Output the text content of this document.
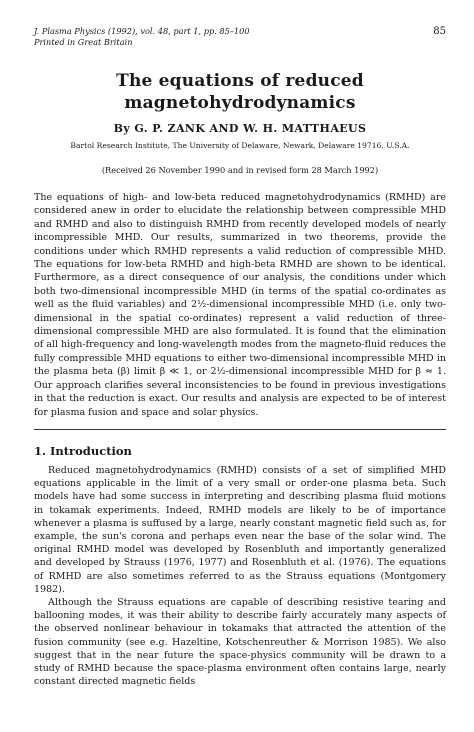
J. Plasma Physics (1992), vol. 48, part 1, pp. 85–100	85
Printed in Great Britain
The equations of reduced
magnetohydrodynamics
By G. P. ZANK AND W. H. MATTHAEUS
Bartol Research Institute, The University of Delaware, Newark, Delaware 19716, U.S.A.
(Received 26 November 1990 and in revised form 28 March 1992)
The equations of high- and low-beta reduced magnetohydrodynamics (RMHD) are considered anew in order to elucidate the relationship between compressible MHD and RMHD and also to distinguish RMHD from recently developed models of nearly incompressible MHD. Our results, summarized in two theorems, provide the conditions under which RMHD represents a valid reduction of compressible MHD. The equations for low-beta RMHD and high-beta RMHD are shown to be identical. Furthermore, as a direct consequence of our analysis, the conditions under which both two-dimensional incompressible MHD (in terms of the spatial co-ordinates as well as the fluid variables) and 2½-dimensional incompressible MHD (i.e. only two-dimensional in the spatial co-ordinates) represent a valid reduction of three-dimensional compressible MHD are also formulated. It is found that the elimination of all high-frequency and long-wavelength modes from the magneto-fluid reduces the fully compressible MHD equations to either two-dimensional incompressible MHD in the plasma beta (β) limit β ≪ 1, or 2½-dimensional incompressible MHD for β ≈ 1. Our approach clarifies several inconsistencies to be found in previous investigations in that the reduction is exact. Our results and analysis are expected to be of interest for plasma fusion and space and solar physics.
1. Introduction

Reduced magnetohydrodynamics (RMHD) consists of a set of simplified MHD equations applicable in the limit of a very small or order-one plasma beta. Such models have had some success in interpreting and describing plasma fluid motions in tokamak experiments. Indeed, RMHD models are likely to be of importance whenever a plasma is suffused by a large, nearly constant magnetic field such as, for example, the sun's corona and perhaps even near the base of the solar wind. The original RMHD model was developed by Rosenbluth and importantly generalized and developed by Strauss (1976, 1977) and Rosenbluth et al. (1976). The equations of RMHD are also sometimes referred to as the Strauss equations (Montgomery 1982).

Although the Strauss equations are capable of describing resistive tearing and ballooning modes, it was their ability to describe fairly accurately many aspects of the observed nonlinear behaviour in tokamaks that attracted the attention of the fusion community (see e.g. Hazeltine, Kotschenreuther & Morrison 1985). We also suggest that in the near future the space-physics community will be drawn to a study of RMHD because the space-plasma environment often contains large, nearly constant directed magnetic fields
